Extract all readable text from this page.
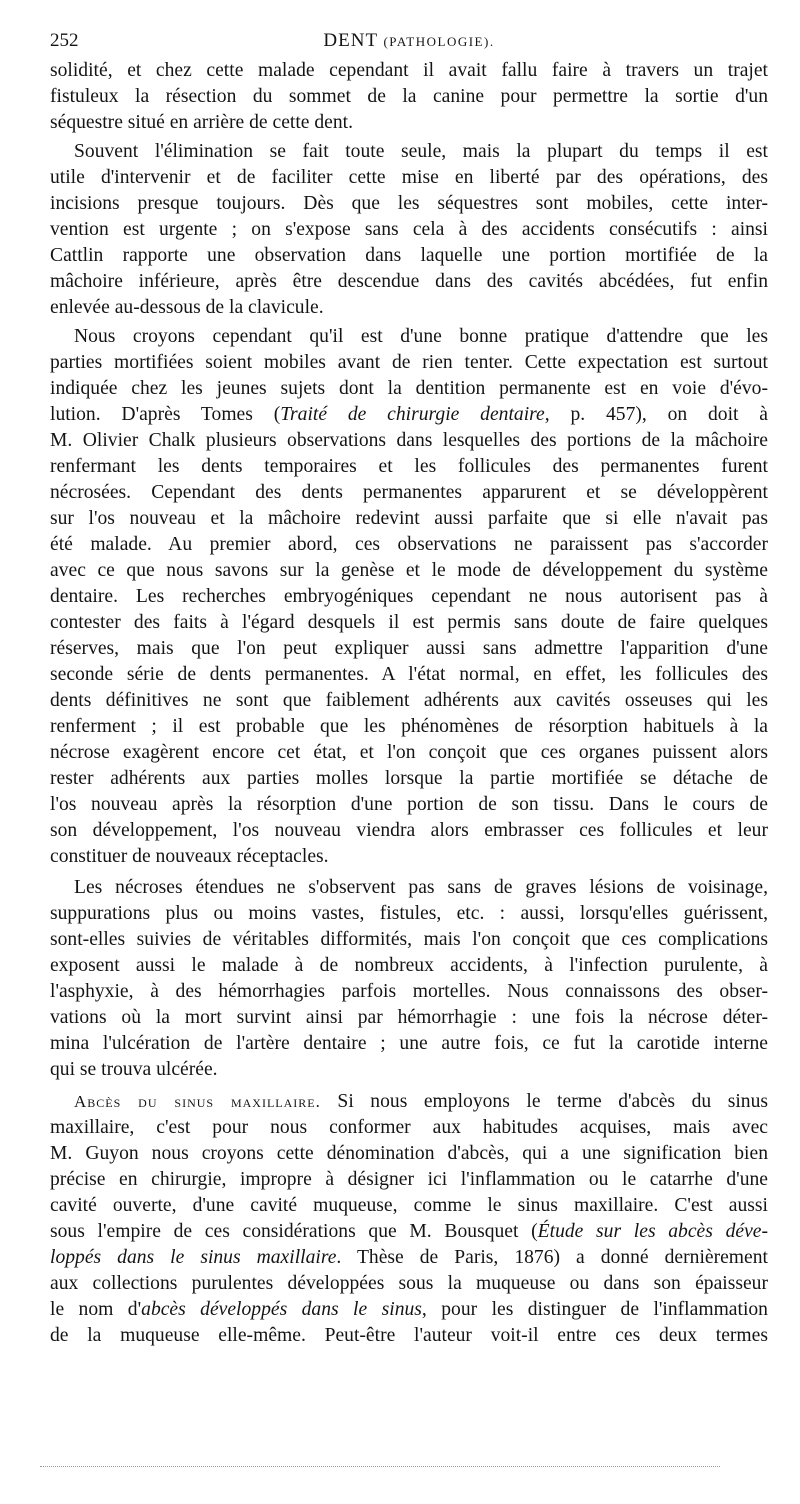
252	DENT (PATHOLOGIE).
solidité, et chez cette malade cependant il avait fallu faire à travers un trajet
fistuleux la résection du sommet de la canine pour permettre la sortie d'un
séquestre situé en arrière de cette dent.
Souvent l'élimination se fait toute seule, mais la plupart du temps il est
utile d'intervenir et de faciliter cette mise en liberté par des opérations, des
incisions presque toujours. Dès que les séquestres sont mobiles, cette inter-
vention est urgente ; on s'expose sans cela à des accidents consécutifs : ainsi
Cattlin rapporte une observation dans laquelle une portion mortifiée de la
mâchoire inférieure, après être descendue dans des cavités abcédées, fut enfin
enlevée au-dessous de la clavicule.
Nous croyons cependant qu'il est d'une bonne pratique d'attendre que les
parties mortifiées soient mobiles avant de rien tenter. Cette expectation est surtout
indiquée chez les jeunes sujets dont la dentition permanente est en voie d'évo-
lution. D'après Tomes (Traité de chirurgie dentaire, p. 457), on doit à
M. Olivier Chalk plusieurs observations dans lesquelles des portions de la mâchoire
renfermant les dents temporaires et les follicules des permanentes furent
nécrosées. Cependant des dents permanentes apparurent et se développèrent
sur l'os nouveau et la mâchoire redevint aussi parfaite que si elle n'avait pas
été malade. Au premier abord, ces observations ne paraissent pas s'accorder
avec ce que nous savons sur la genèse et le mode de développement du système
dentaire. Les recherches embryogéniques cependant ne nous autorisent pas à
contester des faits à l'égard desquels il est permis sans doute de faire quelques
réserves, mais que l'on peut expliquer aussi sans admettre l'apparition d'une
seconde série de dents permanentes. A l'état normal, en effet, les follicules des
dents définitives ne sont que faiblement adhérents aux cavités osseuses qui les
renferment ; il est probable que les phénomènes de résorption habituels à la
nécrose exagèrent encore cet état, et l'on conçoit que ces organes puissent alors
rester adhérents aux parties molles lorsque la partie mortifiée se détache de
l'os nouveau après la résorption d'une portion de son tissu. Dans le cours de
son développement, l'os nouveau viendra alors embrasser ces follicules et leur
constituer de nouveaux réceptacles.
Les nécroses étendues ne s'observent pas sans de graves lésions de voisinage,
suppurations plus ou moins vastes, fistules, etc. : aussi, lorsqu'elles guérissent,
sont-elles suivies de véritables difformités, mais l'on conçoit que ces complications
exposent aussi le malade à de nombreux accidents, à l'infection purulente, à
l'asphyxie, à des hémorrhagies parfois mortelles. Nous connaissons des obser-
vations où la mort survint ainsi par hémorrhagie : une fois la nécrose déter-
mina l'ulcération de l'artère dentaire ; une autre fois, ce fut la carotide interne
qui se trouva ulcérée.
Abcès du sinus maxillaire. Si nous employons le terme d'abcès du sinus
maxillaire, c'est pour nous conformer aux habitudes acquises, mais avec
M. Guyon nous croyons cette dénomination d'abcès, qui a une signification bien
précise en chirurgie, impropre à désigner ici l'inflammation ou le catarrhe d'une
cavité ouverte, d'une cavité muqueuse, comme le sinus maxillaire. C'est aussi
sous l'empire de ces considérations que M. Bousquet (Étude sur les abcès déve-
loppés dans le sinus maxillaire. Thèse de Paris, 1876) a donné dernièrement
aux collections purulentes développées sous la muqueuse ou dans son épaisseur
le nom d'abcès développés dans le sinus, pour les distinguer de l'inflammation
de la muqueuse elle-même. Peut-être l'auteur voit-il entre ces deux termes
